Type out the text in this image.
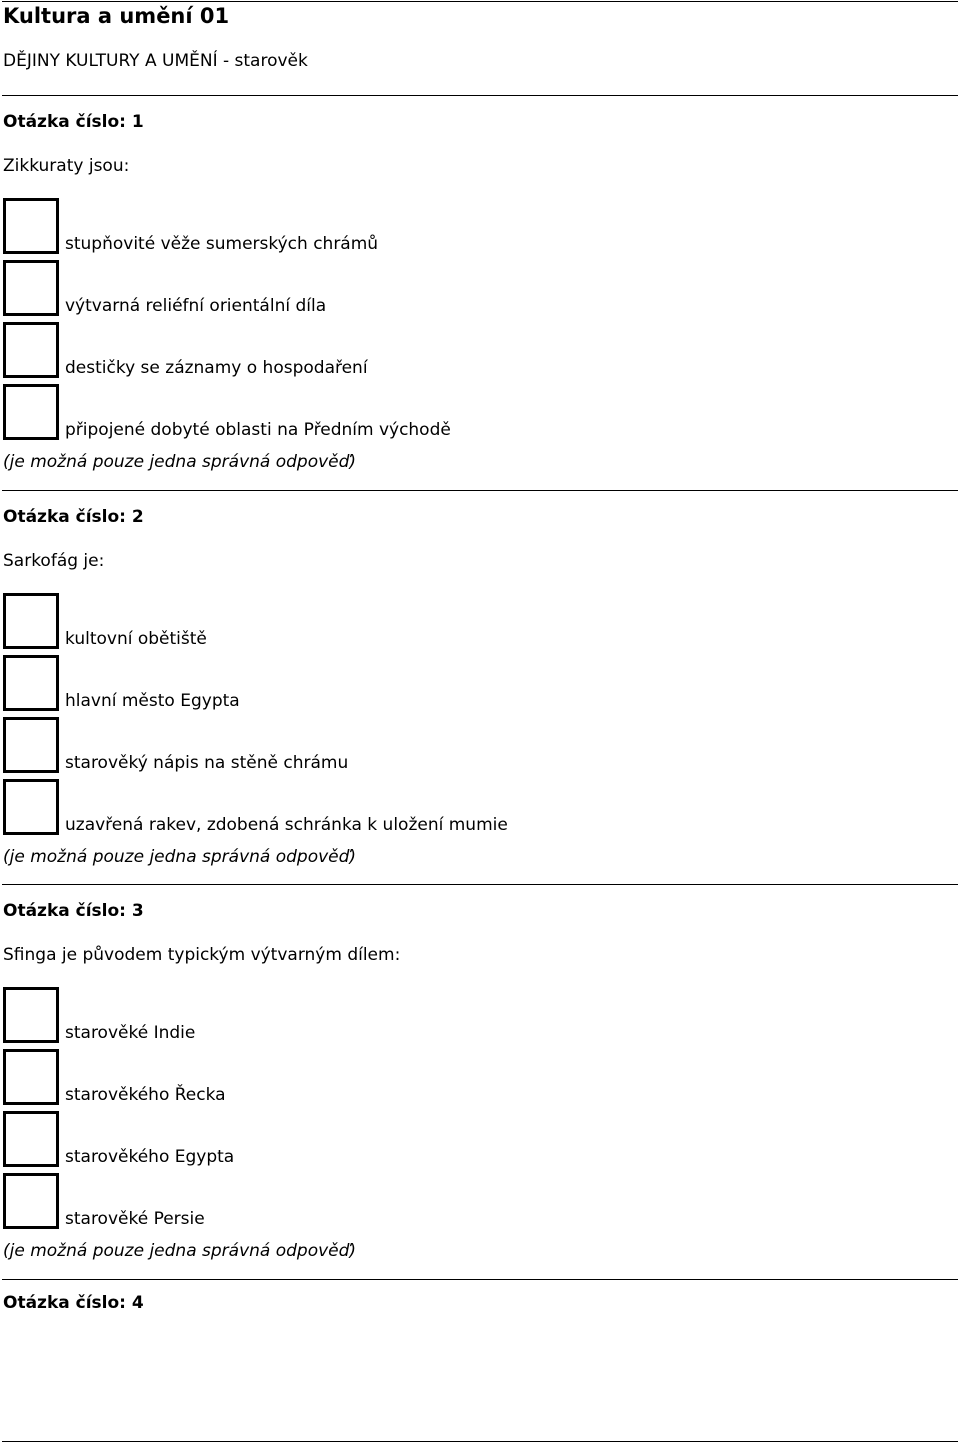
Kultura a umění 01
DĚJINY KULTURY A UMĚNÍ - starověk
Otázka číslo: 1
Zikkuraty jsou:
stupňovité věže sumerských chrámů
výtvarná reliéfní orientální díla
destičky se záznamy o hospodaření
připojené dobyté oblasti na Předním východě
(je možná pouze jedna správná odpověď)
Otázka číslo: 2
Sarkofág je:
kultovní obětiště
hlavní město Egypta
starověký nápis na stěně chrámu
uzavřená rakev, zdobená schránka k uložení mumie
(je možná pouze jedna správná odpověď)
Otázka číslo: 3
Sfinga je původem typickým výtvarným dílem:
starověké Indie
starověkého Řecka
starověkého Egypta
starověké Persie
(je možná pouze jedna správná odpověď)
Otázka číslo: 4
